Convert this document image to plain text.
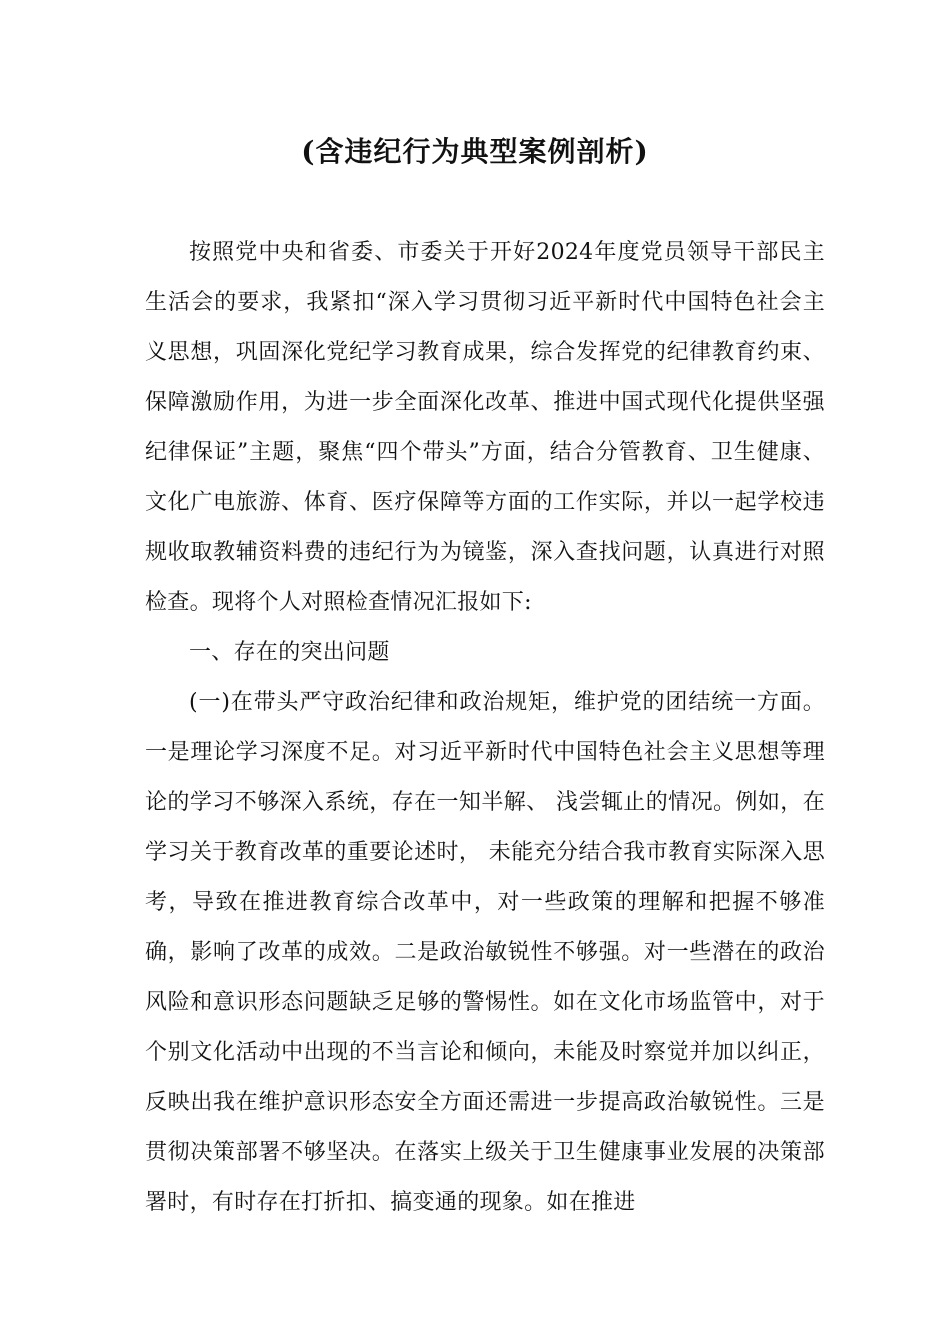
(含违纪行为典型案例剖析)

按照党中央和省委、市委关于开好2024年度党员领导干部民主生活会的要求，我紧扣“深入学习贯彻习近平新时代中国特色社会主义思想，巩固深化党纪学习教育成果，综合发挥党的纪律教育约束、保障激励作用，为进一步全面深化改革、推进中国式现代化提供坚强纪律保证”主题，聚焦“四个带头”方面，结合分管教育、卫生健康、文化广电旅游、体育、医疗保障等方面的工作实际，并以一起学校违规收取教辅资料费的违纪行为为镜鉴，深入查找问题，认真进行对照检查。现将个人对照检查情况汇报如下:

一、存在的突出问题

(一)在带头严守政治纪律和政治规矩，维护党的团结统一方面。一是理论学习深度不足。对习近平新时代中国特色社会主义思想等理论的学习不够深入系统，存在一知半解、 浅尝辄止的情况。例如，在学习关于教育改革的重要论述时， 未能充分结合我市教育实际深入思考，导致在推进教育综合改革中，对一些政策的理解和把握不够准确，影响了改革的成效。二是政治敏锐性不够强。对一些潜在的政治风险和意识形态问题缺乏足够的警惕性。如在文化市场监管中，对于个别文化活动中出现的不当言论和倾向，未能及时察觉并加以纠正，反映出我在维护意识形态安全方面还需进一步提高政治敏锐性。三是贯彻决策部署不够坚决。在落实上级关于卫生健康事业发展的决策部署时，有时存在打折扣、搞变通的现象。如在推进
